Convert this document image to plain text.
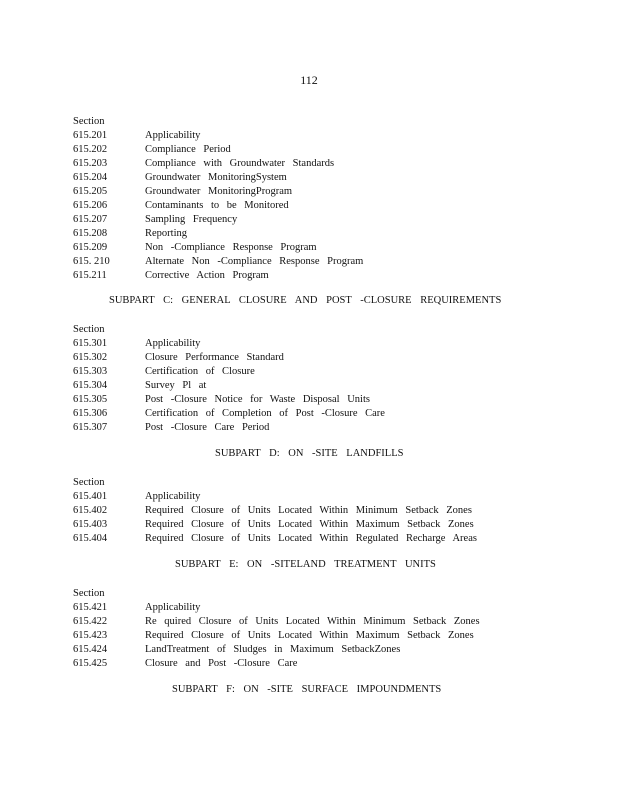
112
Section
615.201	Applicability
615.202	Compliance Period
615.203	Compliance with Groundwater Standards
615.204	Groundwater MonitoringSystem
615.205	Groundwater MonitoringProgram
615.206	Contaminants to be Monitored
615.207	Sampling Frequency
615.208	Reporting
615.209	Non -Compliance Response Program
615. 210	Alternate Non -Compliance Response Program
615.211	Corrective Action Program
SUBPART C: GENERAL CLOSURE AND POST -CLOSURE REQUIREMENTS
Section
615.301	Applicability
615.302	Closure Performance Standard
615.303	Certification of Closure
615.304	Survey Pl at
615.305	Post -Closure Notice for Waste Disposal Units
615.306	Certification of Completion of Post -Closure Care
615.307	Post -Closure Care Period
SUBPART D: ON -SITE LANDFILLS
Section
615.401	Applicability
615.402	Required Closure of Units Located Within Minimum Setback Zones
615.403	Required Closure of Units Located Within Maximum Setback Zones
615.404	Required Closure of Units Located Within Regulated Recharge Areas
SUBPART E: ON -SITELAND TREATMENT UNITS
Section
615.421	Applicability
615.422	Re quired Closure of Units Located Within Minimum Setback Zones
615.423	Required Closure of Units Located Within Maximum Setback Zones
615.424	LandTreatment of Sludges in Maximum SetbackZones
615.425	Closure and Post -Closure Care
SUBPART F: ON -SITE SURFACE IMPOUNDMENTS
